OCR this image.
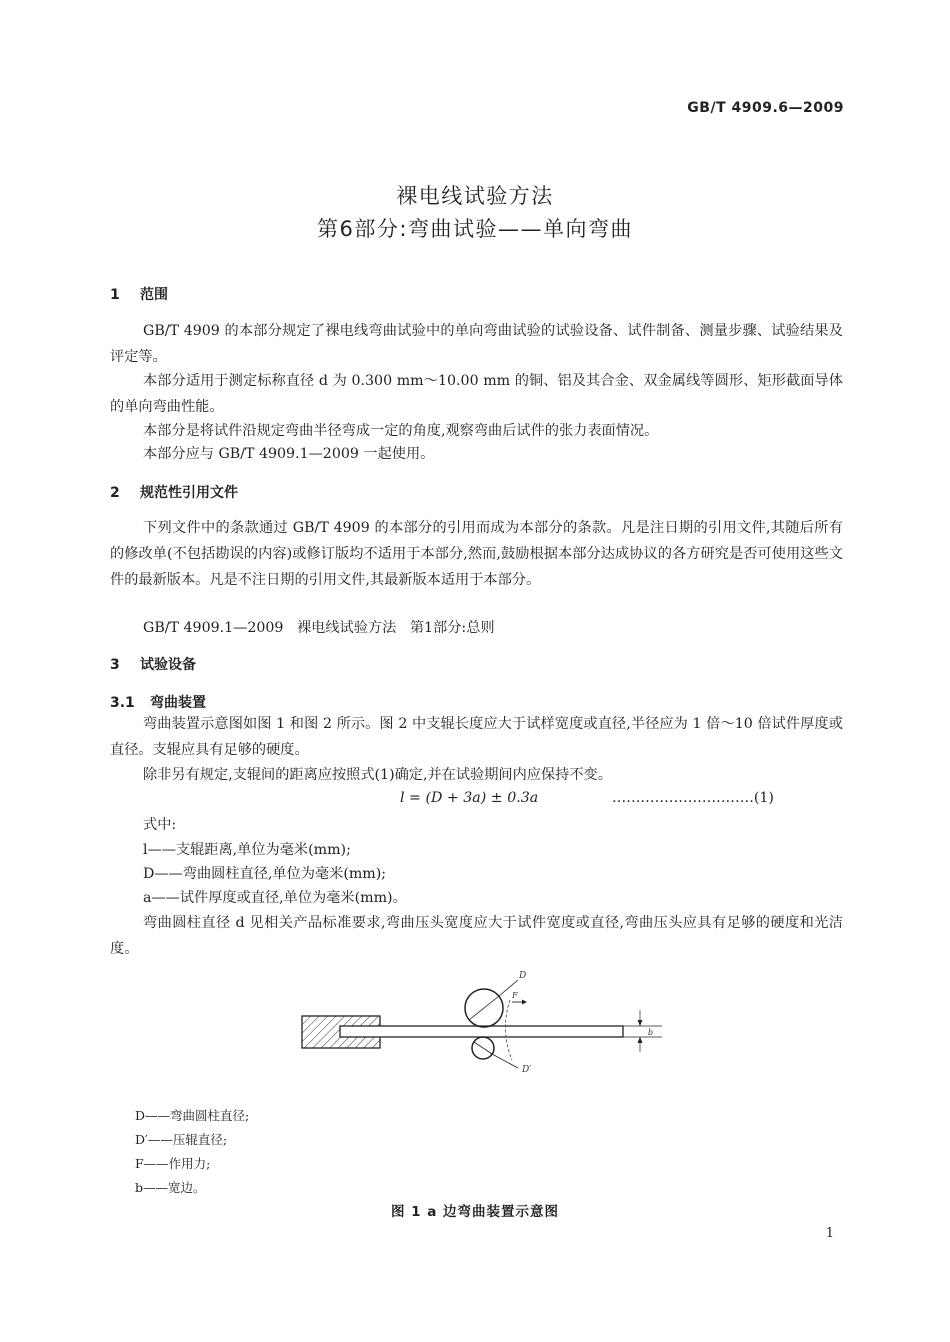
GB/T 4909.6—2009
裸电线试验方法
第6部分:弯曲试验——单向弯曲
1 范围
GB/T 4909 的本部分规定了裸电线弯曲试验中的单向弯曲试验的试验设备、试件制备、测量步骤、试验结果及评定等。
本部分适用于测定标称直径 d 为 0.300 mm～10.00 mm 的铜、铝及其合金、双金属线等圆形、矩形截面导体的单向弯曲性能。
本部分是将试件沿规定弯曲半径弯成一定的角度,观察弯曲后试件的张力表面情况。
本部分应与 GB/T 4909.1—2009 一起使用。
2 规范性引用文件
下列文件中的条款通过 GB/T 4909 的本部分的引用而成为本部分的条款。凡是注日期的引用文件,其随后所有的修改单(不包括勘误的内容)或修订版均不适用于本部分,然而,鼓励根据本部分达成协议的各方研究是否可使用这些文件的最新版本。凡是不注日期的引用文件,其最新版本适用于本部分。
GB/T 4909.1—2009   裸电线试验方法   第1部分:总则
3 试验设备
3.1 弯曲装置
弯曲装置示意图如图 1 和图 2 所示。图 2 中支辊长度应大于试样宽度或直径,半径应为 1 倍～10 倍试件厚度或直径。支辊应具有足够的硬度。
除非另有规定,支辊间的距离应按照式(1)确定,并在试验期间内应保持不变。
l = (D + 3a) ± 0.3a	…………………………(1)
式中:
l——支辊距离,单位为毫米(mm);
D——弯曲圆柱直径,单位为毫米(mm);
a——试件厚度或直径,单位为毫米(mm)。
弯曲圆柱直径 d 见相关产品标准要求,弯曲压头宽度应大于试件宽度或直径,弯曲压头应具有足够的硬度和光洁度。
D
D′
F
b
D——弯曲圆柱直径;
D′——压辊直径;
F——作用力;
b——宽边。
图 1 a 边弯曲装置示意图
1
